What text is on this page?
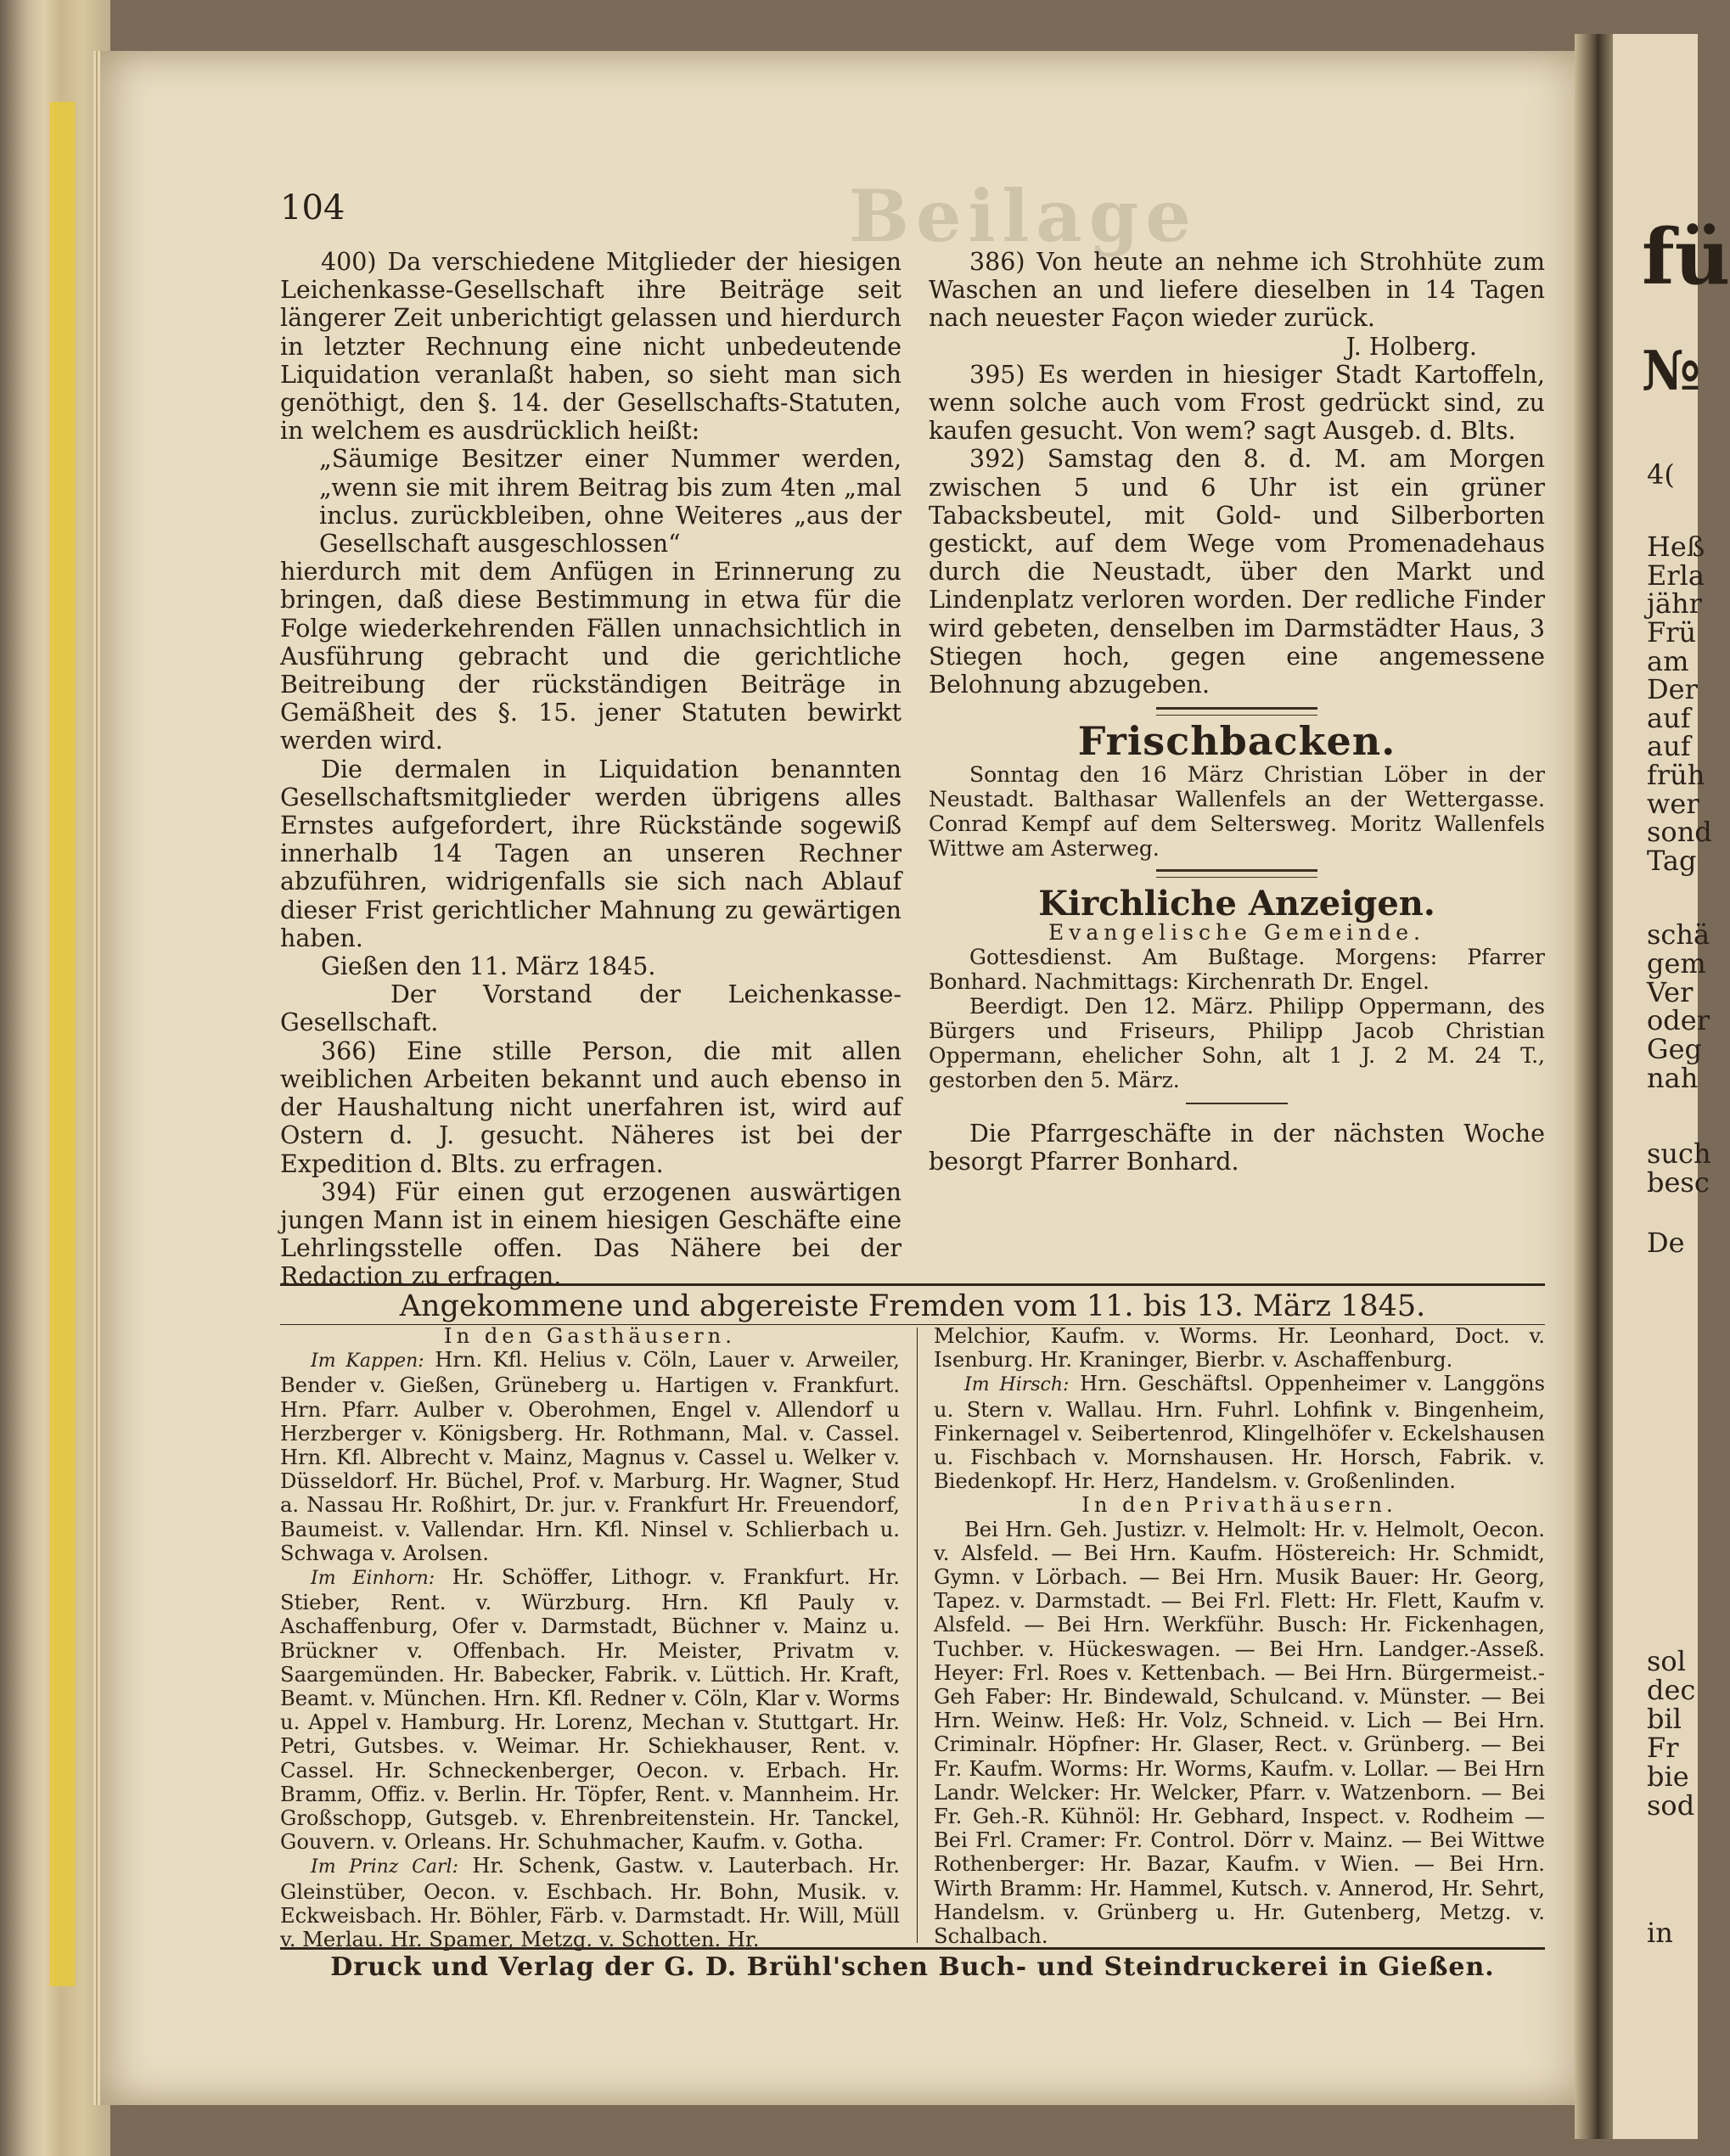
fü
№
4(
Heß
Erla
jähr
Frü
am
Der
auf
auf
früh
wer
sond
Tag
schä
gem
Ver
oder
Geg
nah
such
besc
De
sol
dec
bil
Fr
bie
sod
in
Beilage
104

400) Da verschiedene Mitglieder der hiesigen Leichenkasse-Gesellschaft ihre Beiträge seit längerer Zeit unberichtigt gelassen und hierdurch in letzter Rechnung eine nicht unbedeutende Liquidation veranlaßt haben, so sieht man sich genöthigt, den §. 14. der Gesellschafts-Statuten, in welchem es ausdrücklich heißt:

„Säumige Besitzer einer Nummer werden, „wenn sie mit ihrem Beitrag bis zum 4ten „mal inclus. zurückbleiben, ohne Weiteres „aus der Gesellschaft ausgeschlossen“

hierdurch mit dem Anfügen in Erinnerung zu bringen, daß diese Bestimmung in etwa für die Folge wiederkehrenden Fällen unnachsichtlich in Ausführung gebracht und die gerichtliche Beitreibung der rückständigen Beiträge in Gemäßheit des §. 15. jener Statuten bewirkt werden wird.

Die dermalen in Liquidation benannten Gesellschaftsmitglieder werden übrigens alles Ernstes aufgefordert, ihre Rückstände sogewiß innerhalb 14 Tagen an unseren Rechner abzuführen, widrigenfalls sie sich nach Ablauf dieser Frist gerichtlicher Mahnung zu gewärtigen haben.

Gießen den 11. März 1845.

Der Vorstand der Leichenkasse-Gesellschaft.

366) Eine stille Person, die mit allen weiblichen Arbeiten bekannt und auch ebenso in der Haushaltung nicht unerfahren ist, wird auf Ostern d. J. gesucht. Näheres ist bei der Expedition d. Blts. zu erfragen.

394) Für einen gut erzogenen auswärtigen jungen Mann ist in einem hiesigen Geschäfte eine Lehrlingsstelle offen. Das Nähere bei der Redaction zu erfragen.

386) Von heute an nehme ich Strohhüte zum Waschen an und liefere dieselben in 14 Tagen nach neuester Façon wieder zurück.

J. Holberg.

395) Es werden in hiesiger Stadt Kartoffeln, wenn solche auch vom Frost gedrückt sind, zu kaufen gesucht. Von wem? sagt Ausgeb. d. Blts.

392) Samstag den 8. d. M. am Morgen zwischen 5 und 6 Uhr ist ein grüner Tabacksbeutel, mit Gold- und Silberborten gestickt, auf dem Wege vom Promenadehaus durch die Neustadt, über den Markt und Lindenplatz verloren worden. Der redliche Finder wird gebeten, denselben im Darmstädter Haus, 3 Stiegen hoch, gegen eine angemessene Belohnung abzugeben.

Frischbacken.

Sonntag den 16 März Christian Löber in der Neustadt. Balthasar Wallenfels an der Wettergasse. Conrad Kempf auf dem Seltersweg. Moritz Wallenfels Wittwe am Asterweg.

Kirchliche Anzeigen.

Evangelische Gemeinde.

Gottesdienst. Am Bußtage. Morgens: Pfarrer Bonhard. Nachmittags: Kirchenrath Dr. Engel.

Beerdigt. Den 12. März. Philipp Oppermann, des Bürgers und Friseurs, Philipp Jacob Christian Oppermann, ehelicher Sohn, alt 1 J. 2 M. 24 T., gestorben den 5. März.

Die Pfarrgeschäfte in der nächsten Woche besorgt Pfarrer Bonhard.

Angekommene und abgereiste Fremden vom 11. bis 13. März 1845.

In den Gasthäusern.

Im Kappen: Hrn. Kfl. Helius v. Cöln, Lauer v. Arweiler, Bender v. Gießen, Grüneberg u. Hartigen v. Frankfurt. Hrn. Pfarr. Aulber v. Oberohmen, Engel v. Allendorf u Herzberger v. Königsberg. Hr. Rothmann, Mal. v. Cassel. Hrn. Kfl. Albrecht v. Mainz, Magnus v. Cassel u. Welker v. Düsseldorf. Hr. Büchel, Prof. v. Marburg. Hr. Wagner, Stud a. Nassau Hr. Roßhirt, Dr. jur. v. Frankfurt Hr. Freuendorf, Baumeist. v. Vallendar. Hrn. Kfl. Ninsel v. Schlierbach u. Schwaga v. Arolsen.

Im Einhorn: Hr. Schöffer, Lithogr. v. Frankfurt. Hr. Stieber, Rent. v. Würzburg. Hrn. Kfl Pauly v. Aschaffenburg, Ofer v. Darmstadt, Büchner v. Mainz u. Brückner v. Offenbach. Hr. Meister, Privatm v. Saargemünden. Hr. Babecker, Fabrik. v. Lüttich. Hr. Kraft, Beamt. v. München. Hrn. Kfl. Redner v. Cöln, Klar v. Worms u. Appel v. Hamburg. Hr. Lorenz, Mechan v. Stuttgart. Hr. Petri, Gutsbes. v. Weimar. Hr. Schiekhauser, Rent. v. Cassel. Hr. Schneckenberger, Oecon. v. Erbach. Hr. Bramm, Offiz. v. Berlin. Hr. Töpfer, Rent. v. Mannheim. Hr. Großschopp, Gutsgeb. v. Ehrenbreitenstein. Hr. Tanckel, Gouvern. v. Orleans. Hr. Schuhmacher, Kaufm. v. Gotha.

Im Prinz Carl: Hr. Schenk, Gastw. v. Lauterbach. Hr. Gleinstüber, Oecon. v. Eschbach. Hr. Bohn, Musik. v. Eckweisbach. Hr. Böhler, Färb. v. Darmstadt. Hr. Will, Müll v. Merlau. Hr. Spamer, Metzg. v. Schotten. Hr.

Melchior, Kaufm. v. Worms. Hr. Leonhard, Doct. v. Isenburg. Hr. Kraninger, Bierbr. v. Aschaffenburg.

Im Hirsch: Hrn. Geschäftsl. Oppenheimer v. Langgöns u. Stern v. Wallau. Hrn. Fuhrl. Lohfink v. Bingenheim, Finkernagel v. Seibertenrod, Klingelhöfer v. Eckelshausen u. Fischbach v. Mornshausen. Hr. Horsch, Fabrik. v. Biedenkopf. Hr. Herz, Handelsm. v. Großenlinden.

In den Privathäusern.

Bei Hrn. Geh. Justizr. v. Helmolt: Hr. v. Helmolt, Oecon. v. Alsfeld. — Bei Hrn. Kaufm. Höstereich: Hr. Schmidt, Gymn. v Lörbach. — Bei Hrn. Musik Bauer: Hr. Georg, Tapez. v. Darmstadt. — Bei Frl. Flett: Hr. Flett, Kaufm v. Alsfeld. — Bei Hrn. Werkführ. Busch: Hr. Fickenhagen, Tuchber. v. Hückeswagen. — Bei Hrn. Landger.-Asseß. Heyer: Frl. Roes v. Kettenbach. — Bei Hrn. Bürgermeist.-Geh Faber: Hr. Bindewald, Schulcand. v. Münster. — Bei Hrn. Weinw. Heß: Hr. Volz, Schneid. v. Lich — Bei Hrn. Criminalr. Höpfner: Hr. Glaser, Rect. v. Grünberg. — Bei Fr. Kaufm. Worms: Hr. Worms, Kaufm. v. Lollar. — Bei Hrn Landr. Welcker: Hr. Welcker, Pfarr. v. Watzenborn. — Bei Fr. Geh.-R. Kühnöl: Hr. Gebhard, Inspect. v. Rodheim — Bei Frl. Cramer: Fr. Control. Dörr v. Mainz. — Bei Wittwe Rothenberger: Hr. Bazar, Kaufm. v Wien. — Bei Hrn. Wirth Bramm: Hr. Hammel, Kutsch. v. Annerod, Hr. Sehrt, Handelsm. v. Grünberg u. Hr. Gutenberg, Metzg. v. Schalbach.

Druck und Verlag der G. D. Brühl'schen Buch- und Steindruckerei in Gießen.
